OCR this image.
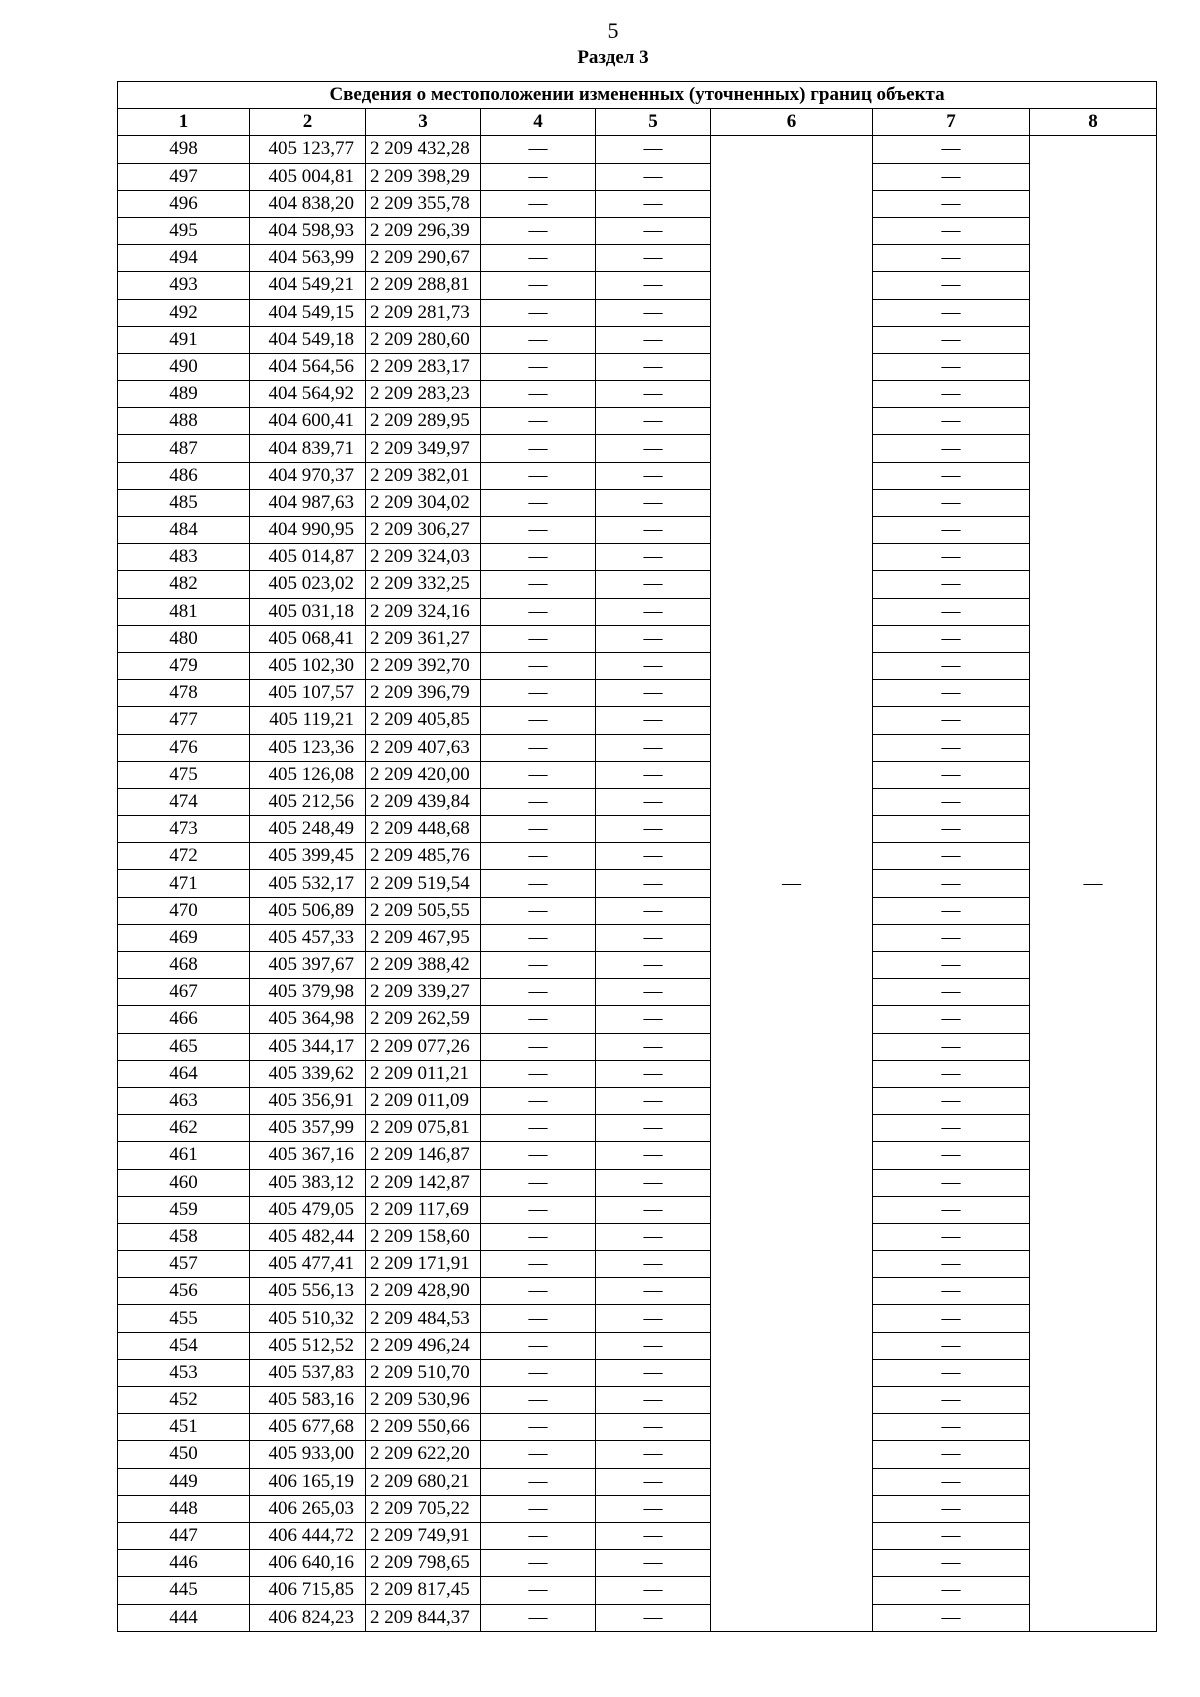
5
Раздел 3
Сведения о местоположении измененных (уточненных) границ объекта							
1	2	3	4	5	6	7	8
498	405 123,77	2 209 432,28	—	—	—	—	—
497	405 004,81	2 209 398,29	—	—		—	
496	404 838,20	2 209 355,78	—	—		—	
495	404 598,93	2 209 296,39	—	—		—	
494	404 563,99	2 209 290,67	—	—		—	
493	404 549,21	2 209 288,81	—	—		—	
492	404 549,15	2 209 281,73	—	—		—	
491	404 549,18	2 209 280,60	—	—		—	
490	404 564,56	2 209 283,17	—	—		—	
489	404 564,92	2 209 283,23	—	—		—	
488	404 600,41	2 209 289,95	—	—		—	
487	404 839,71	2 209 349,97	—	—		—	
486	404 970,37	2 209 382,01	—	—		—	
485	404 987,63	2 209 304,02	—	—		—	
484	404 990,95	2 209 306,27	—	—		—	
483	405 014,87	2 209 324,03	—	—		—	
482	405 023,02	2 209 332,25	—	—		—	
481	405 031,18	2 209 324,16	—	—		—	
480	405 068,41	2 209 361,27	—	—		—	
479	405 102,30	2 209 392,70	—	—		—	
478	405 107,57	2 209 396,79	—	—		—	
477	405 119,21	2 209 405,85	—	—		—	
476	405 123,36	2 209 407,63	—	—		—	
475	405 126,08	2 209 420,00	—	—		—	
474	405 212,56	2 209 439,84	—	—		—	
473	405 248,49	2 209 448,68	—	—		—	
472	405 399,45	2 209 485,76	—	—		—	
471	405 532,17	2 209 519,54	—	—		—	
470	405 506,89	2 209 505,55	—	—		—	
469	405 457,33	2 209 467,95	—	—		—	
468	405 397,67	2 209 388,42	—	—		—	
467	405 379,98	2 209 339,27	—	—		—	
466	405 364,98	2 209 262,59	—	—		—	
465	405 344,17	2 209 077,26	—	—		—	
464	405 339,62	2 209 011,21	—	—		—	
463	405 356,91	2 209 011,09	—	—		—	
462	405 357,99	2 209 075,81	—	—		—	
461	405 367,16	2 209 146,87	—	—		—	
460	405 383,12	2 209 142,87	—	—		—	
459	405 479,05	2 209 117,69	—	—		—	
458	405 482,44	2 209 158,60	—	—		—	
457	405 477,41	2 209 171,91	—	—		—	
456	405 556,13	2 209 428,90	—	—		—	
455	405 510,32	2 209 484,53	—	—		—	
454	405 512,52	2 209 496,24	—	—		—	
453	405 537,83	2 209 510,70	—	—		—	
452	405 583,16	2 209 530,96	—	—		—	
451	405 677,68	2 209 550,66	—	—		—	
450	405 933,00	2 209 622,20	—	—		—	
449	406 165,19	2 209 680,21	—	—		—	
448	406 265,03	2 209 705,22	—	—		—	
447	406 444,72	2 209 749,91	—	—		—	
446	406 640,16	2 209 798,65	—	—		—	
445	406 715,85	2 209 817,45	—	—		—	
444	406 824,23	2 209 844,37	—	—		—	
